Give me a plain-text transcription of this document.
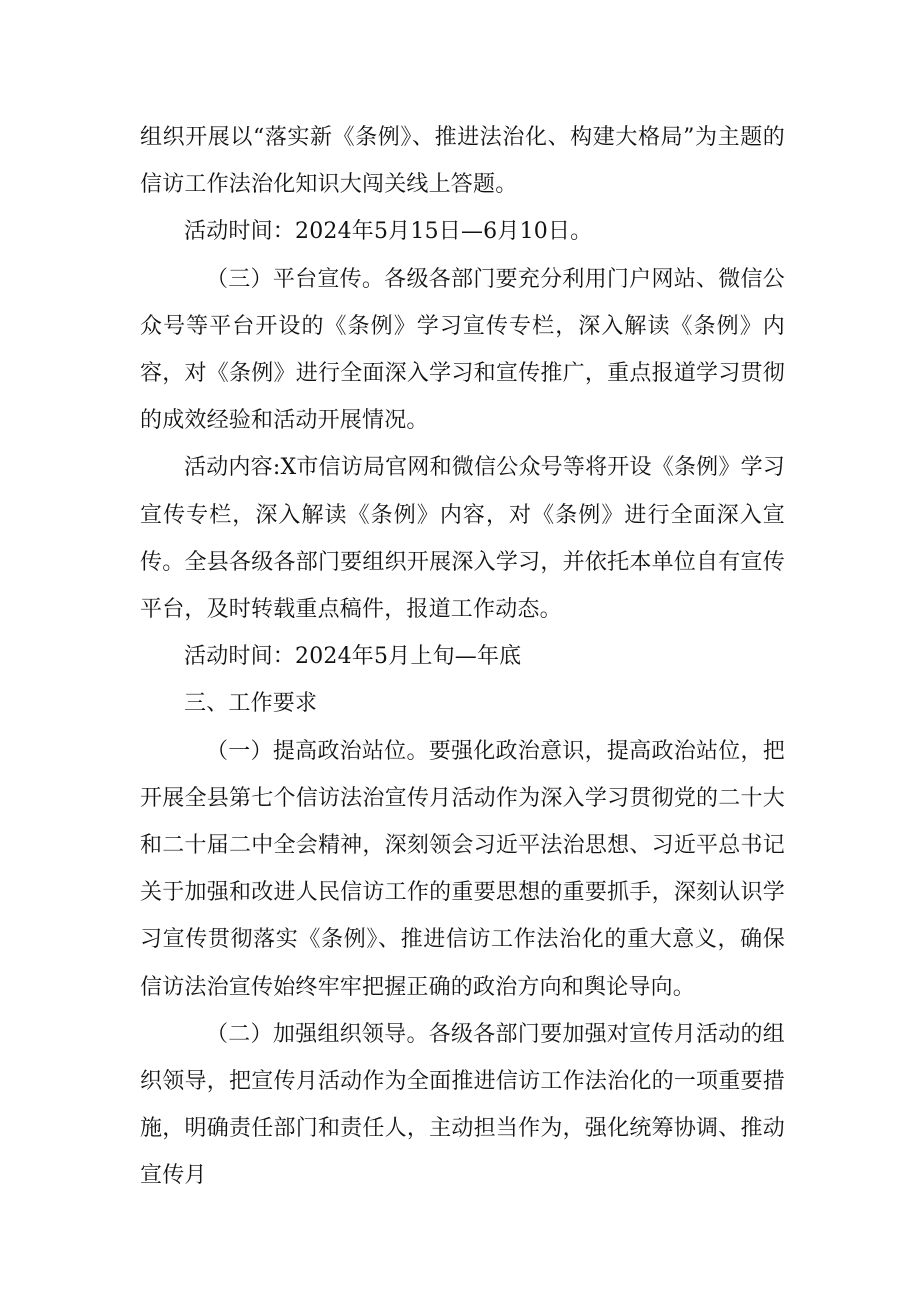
组织开展以“落实新《条例》、推进法治化、构建大格局”为主题的信访工作法治化知识大闯关线上答题。

活动时间：2024年5月15日—6月10日。

（三）平台宣传。各级各部门要充分利用门户网站、微信公众号等平台开设的《条例》学习宣传专栏，深入解读《条例》内容，对《条例》进行全面深入学习和宣传推广，重点报道学习贯彻的成效经验和活动开展情况。

活动内容:X市信访局官网和微信公众号等将开设《条例》学习宣传专栏，深入解读《条例》内容，对《条例》进行全面深入宣传。全县各级各部门要组织开展深入学习，并依托本单位自有宣传平台，及时转载重点稿件，报道工作动态。

活动时间：2024年5月上旬—年底

三、工作要求

（一）提高政治站位。要强化政治意识，提高政治站位，把开展全县第七个信访法治宣传月活动作为深入学习贯彻党的二十大和二十届二中全会精神，深刻领会习近平法治思想、习近平总书记关于加强和改进人民信访工作的重要思想的重要抓手，深刻认识学习宣传贯彻落实《条例》、推进信访工作法治化的重大意义，确保信访法治宣传始终牢牢把握正确的政治方向和舆论导向。

（二）加强组织领导。各级各部门要加强对宣传月活动的组织领导，把宣传月活动作为全面推进信访工作法治化的一项重要措施，明确责任部门和责任人，主动担当作为，强化统筹协调、推动宣传月
